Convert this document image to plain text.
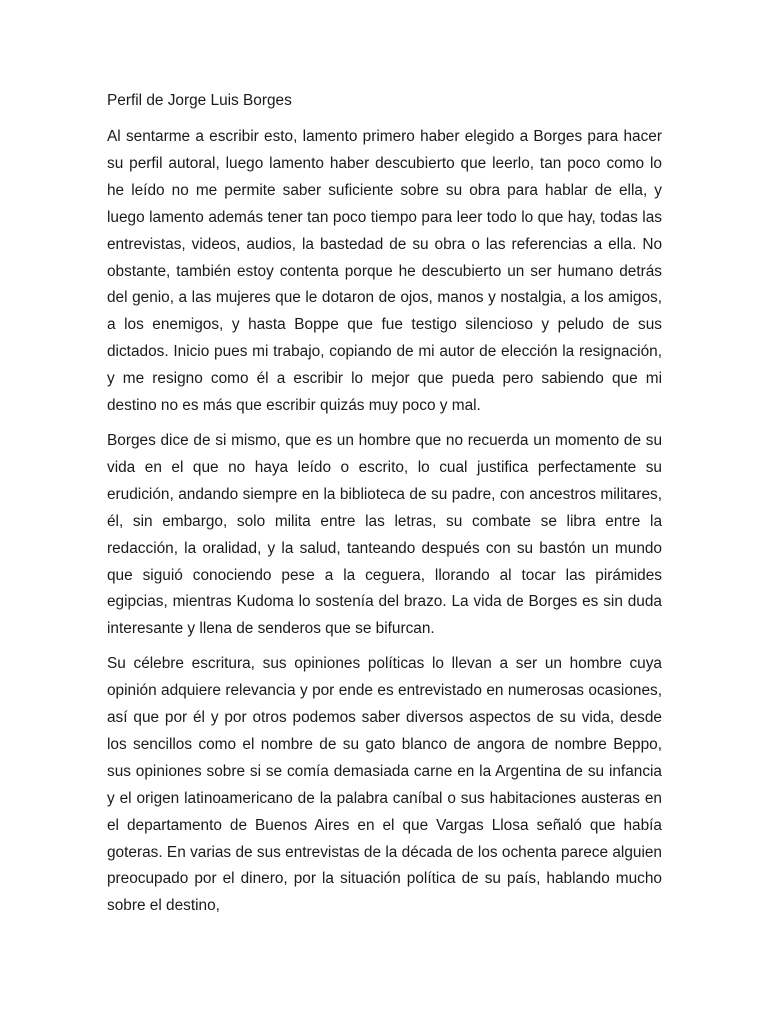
Perfil de Jorge Luis Borges

Al sentarme a escribir esto, lamento primero haber elegido a Borges para hacer su perfil autoral, luego lamento haber descubierto que leerlo, tan poco como lo he leído no me permite saber suficiente sobre su obra para hablar de ella, y luego lamento además tener tan poco tiempo para leer todo lo que hay, todas las entrevistas, videos, audios, la bastedad de su obra o las referencias a ella. No obstante, también estoy contenta porque he descubierto un ser humano detrás del genio, a las mujeres que le dotaron de ojos, manos y nostalgia, a los amigos, a los enemigos, y hasta Boppe que fue testigo silencioso y peludo de sus dictados. Inicio pues mi trabajo, copiando de mi autor de elección la resignación, y me resigno como él a escribir lo mejor que pueda pero sabiendo que mi destino no es más que escribir quizás muy poco y mal.

Borges dice de si mismo, que es un hombre que no recuerda un momento de su vida en el que no haya leído o escrito, lo cual justifica perfectamente su erudición, andando siempre en la biblioteca de su padre, con ancestros militares, él, sin embargo, solo milita entre las letras, su combate se libra entre la redacción, la oralidad, y la salud, tanteando después con su bastón un mundo que siguió conociendo pese a la ceguera, llorando al tocar las pirámides egipcias, mientras Kudoma lo sostenía del brazo. La vida de Borges es sin duda interesante y llena de senderos que se bifurcan.

Su célebre escritura, sus opiniones políticas lo llevan a ser un hombre cuya opinión adquiere relevancia y por ende es entrevistado en numerosas ocasiones, así que por él y por otros podemos saber diversos aspectos de su vida, desde los sencillos como el nombre de su gato blanco de angora de nombre Beppo, sus opiniones sobre si se comía demasiada carne en la Argentina de su infancia y el origen latinoamericano de la palabra caníbal o sus habitaciones austeras en el departamento de Buenos Aires en el que Vargas Llosa señaló que había goteras. En varias de sus entrevistas de la década de los ochenta parece alguien preocupado por el dinero, por la situación política de su país, hablando mucho sobre el destino,
